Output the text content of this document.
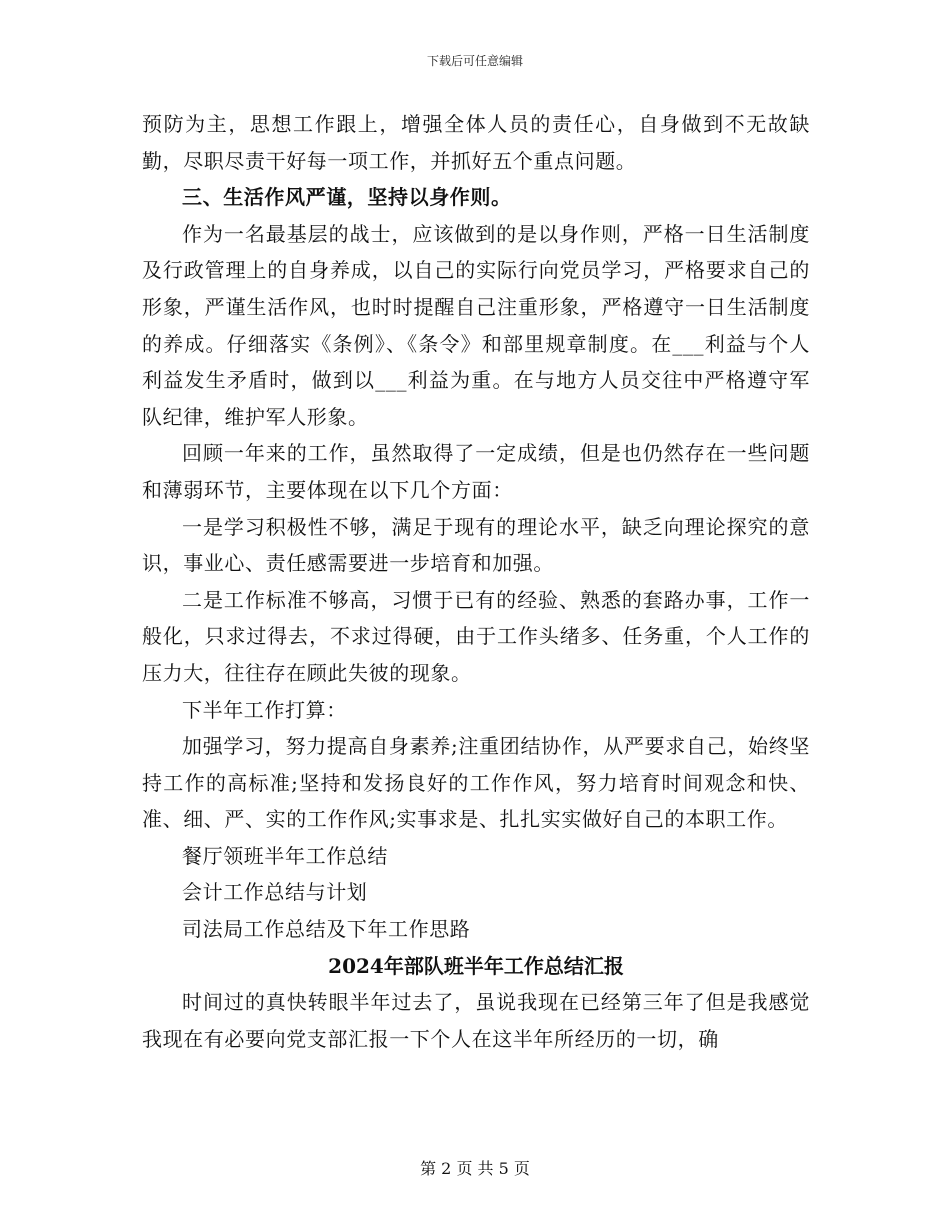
下载后可任意编辑

预防为主，思想工作跟上，增强全体人员的责任心，自身做到不无故缺勤，尽职尽责干好每一项工作，并抓好五个重点问题。

三、生活作风严谨，坚持以身作则。

作为一名最基层的战士，应该做到的是以身作则，严格一日生活制度及行政管理上的自身养成，以自己的实际行向党员学习，严格要求自己的形象，严谨生活作风，也时时提醒自己注重形象，严格遵守一日生活制度的养成。仔细落实《条例》、《条令》和部里规章制度。在___利益与个人利益发生矛盾时，做到以___利益为重。在与地方人员交往中严格遵守军队纪律，维护军人形象。

回顾一年来的工作，虽然取得了一定成绩，但是也仍然存在一些问题和薄弱环节，主要体现在以下几个方面：

一是学习积极性不够，满足于现有的理论水平，缺乏向理论探究的意识，事业心、责任感需要进一步培育和加强。

二是工作标准不够高，习惯于已有的经验、熟悉的套路办事，工作一般化，只求过得去，不求过得硬，由于工作头绪多、任务重，个人工作的压力大，往往存在顾此失彼的现象。

下半年工作打算：

加强学习，努力提高自身素养;注重团结协作，从严要求自己，始终坚持工作的高标准;坚持和发扬良好的工作作风，努力培育时间观念和快、准、细、严、实的工作作风;实事求是、扎扎实实做好自己的本职工作。

餐厅领班半年工作总结

会计工作总结与计划

司法局工作总结及下年工作思路

2024年部队班半年工作总结汇报

时间过的真快转眼半年过去了，虽说我现在已经第三年了但是我感觉我现在有必要向党支部汇报一下个人在这半年所经历的一切，确

第 2 页 共 5 页
